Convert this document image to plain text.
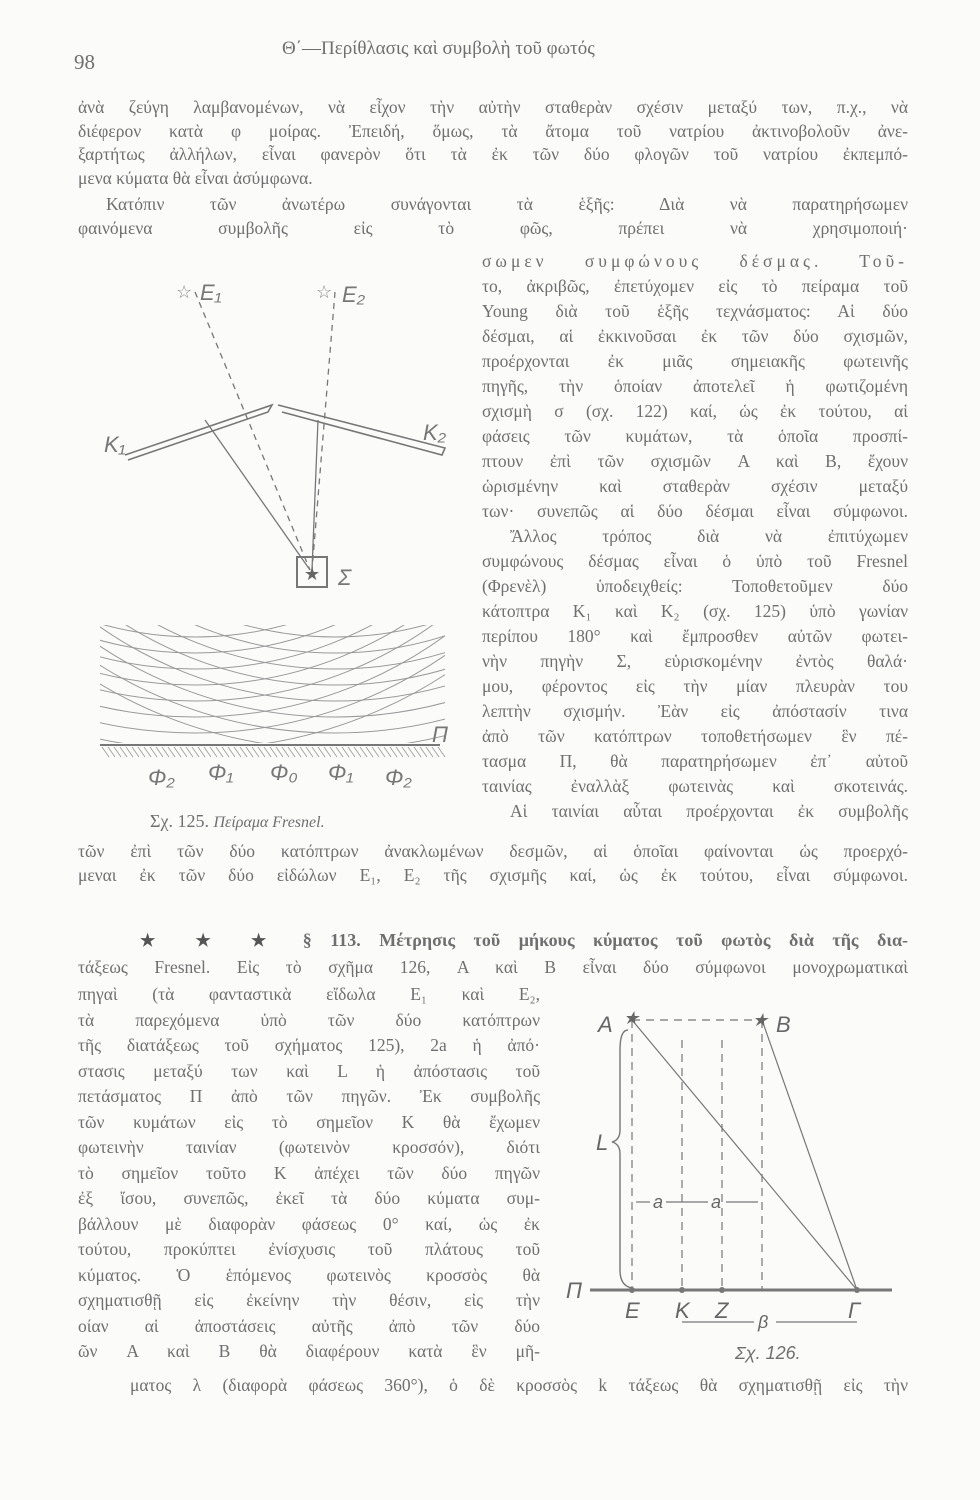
98
Θ΄—Περίθλασις καὶ συμβολὴ τοῦ φωτός
ἀνὰ ζεύγη λαμβανομένων, νὰ εἶχον τὴν αὐτὴν σταθερὰν σχέσιν μεταξύ των, π.χ., νὰ
διέφερον κατὰ φ μοίρας. Ἐπειδή, ὅμως, τὰ ἄτομα τοῦ νατρίου ἀκτινοβολοῦν ἀνε-
ξαρτήτως ἀλλήλων, εἶναι φανερὸν ὅτι τὰ ἐκ τῶν δύο φλογῶν τοῦ νατρίου ἐκπεμπό-
μενα κύματα θὰ εἶναι ἀσύμφωνα.
Κατόπιν τῶν ἀνωτέρω συνάγονται τὰ ἑξῆς: Διὰ νὰ παρατηρήσωμεν
φαινόμενα συμβολῆς εἰς τὸ φῶς, πρέπει νὰ χρησιμοποιή·
σωμεν συμφώνους δέσμας. Τοῦ-
το, ἀκριβῶς, ἐπετύχομεν εἰς τὸ πείραμα τοῦ
Young διὰ τοῦ ἑξῆς τεχνάσματος: Αἱ δύο
δέσμαι, αἱ ἐκκινοῦσαι ἐκ τῶν δύο σχισμῶν,
προέρχονται ἐκ μιᾶς σημειακῆς φωτεινῆς
πηγῆς, τὴν ὁποίαν ἀποτελεῖ ἡ φωτιζομένη
σχισμὴ σ (σχ. 122) καί, ὡς ἐκ τούτου, αἱ
φάσεις τῶν κυμάτων, τὰ ὁποῖα προσπί-
πτουν ἐπὶ τῶν σχισμῶν A καὶ B, ἔχουν
ὡρισμένην καὶ σταθερὰν σχέσιν μεταξύ
των· συνεπῶς αἱ δύο δέσμαι εἶναι σύμφωνοι.
Ἄλλος τρόπος διὰ νὰ ἐπιτύχωμεν
συμφώνους δέσμας εἶναι ὁ ὑπὸ τοῦ Fresnel
(Φρενὲλ) ὑποδειχθείς: Τοποθετοῦμεν δύο
κάτοπτρα K₁ καὶ K₂ (σχ. 125) ὑπὸ γωνίαν
περίπου 180° καὶ ἔμπροσθεν αὐτῶν φωτει-
νὴν πηγὴν Σ, εὑρισκομένην ἐντὸς θαλά·
μου, φέροντος εἰς τὴν μίαν πλευρὰν του
λεπτὴν σχισμήν. Ἐὰν εἰς ἀπόστασίν τινα
ἀπὸ τῶν κατόπτρων τοποθετήσωμεν ἓν πέ-
τασμα Π, θὰ παρατηρήσωμεν ἐπ᾽ αὐτοῦ
ταινίας ἐναλλὰξ φωτεινὰς καὶ σκοτεινάς.
Αἱ ταινίαι αὗται προέρχονται ἐκ συμβολῆς
τῶν ἐπὶ τῶν δύο κατόπτρων ἀνακλωμένων δεσμῶν, αἱ ὁποῖαι φαίνονται ὡς προερχό-
μεναι ἐκ τῶν δύο εἰδώλων E₁, E₂ τῆς σχισμῆς καί, ὡς ἐκ τούτου, εἶναι σύμφωνοι.
τάξεως Fresnel. Εἰς τὸ σχῆμα 126, A καὶ B εἶναι δύο σύμφωνοι μονοχρωματικαὶ
πηγαὶ (τὰ φανταστικὰ εἴδωλα E₁ καὶ E₂,
τὰ παρεχόμενα ὑπὸ τῶν δύο κατόπτρων
τῆς διατάξεως τοῦ σχήματος 125), 2a ἡ ἀπό·
στασις μεταξύ των καὶ L ἡ ἀπόστασις τοῦ
πετάσματος Π ἀπὸ τῶν πηγῶν. Ἐκ συμβολῆς
τῶν κυμάτων εἰς τὸ σημεῖον K θὰ ἔχωμεν
φωτεινὴν ταινίαν (φωτεινὸν κροσσόν), διότι
τὸ σημεῖον τοῦτο K ἀπέχει τῶν δύο πηγῶν
ἐξ ἴσου, συνεπῶς, ἐκεῖ τὰ δύο κύματα συμ-
βάλλουν μὲ διαφορὰν φάσεως 0° καί, ὡς ἐκ
τούτου, προκύπτει ἐνίσχυσις τοῦ πλάτους τοῦ
κύματος. Ὁ ἑπόμενος φωτεινὸς κροσσὸς θὰ
σχηματισθῇ εἰς ἐκείνην τὴν θέσιν, εἰς τὴν
οίαν αἱ ἀποστάσεις αὐτῆς ἀπὸ τῶν δύο
ῶν A καὶ B θὰ διαφέρουν κατὰ ἓν μῆ-
ματος λ (διαφορὰ φάσεως 360°), ὁ δὲ κροσσὸς k τάξεως θὰ σχηματισθῇ εἰς τὴν
★ ★ ★ § 113. Μέτρησις τοῦ μήκους κύματος τοῦ φωτὸς διὰ τῆς δια-
★
☆	☆
E₁	E₂
K₁	K₂
Σ
Π
Φ₂ Φ₁ Φ₀ Φ₁ Φ₂
A ★	★ B
L
a	a
Π
E K Z	Γ
β
Σχ. 125. Πείραμα Fresnel.
Σχ. 126.
